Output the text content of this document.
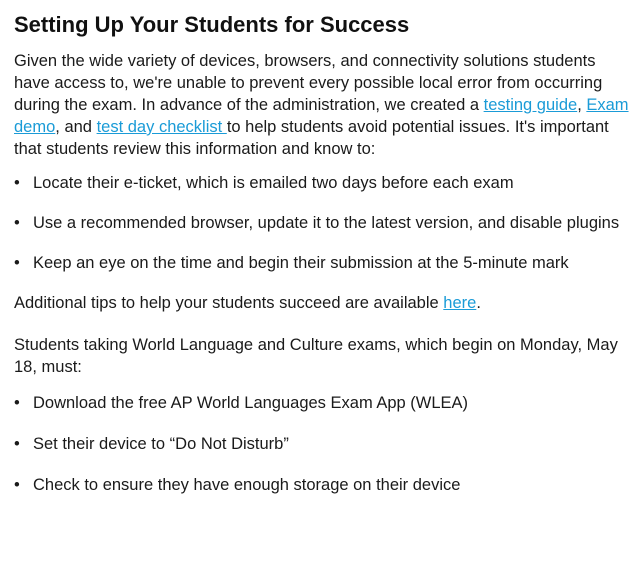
Setting Up Your Students for Success

Given the wide variety of devices, browsers, and connectivity solutions students have access to, we're unable to prevent every possible local error from occurring during the exam. In advance of the administration, we created a testing guide, Exam demo, and test day checklist to help students avoid potential issues. It's important that students review this information and know to:

• Locate their e-ticket, which is emailed two days before each exam
• Use a recommended browser, update it to the latest version, and disable plugins
• Keep an eye on the time and begin their submission at the 5-minute mark

Additional tips to help your students succeed are available here.

Students taking World Language and Culture exams, which begin on Monday, May 18, must:

• Download the free AP World Languages Exam App (WLEA)
• Set their device to “Do Not Disturb”
• Check to ensure they have enough storage on their device
